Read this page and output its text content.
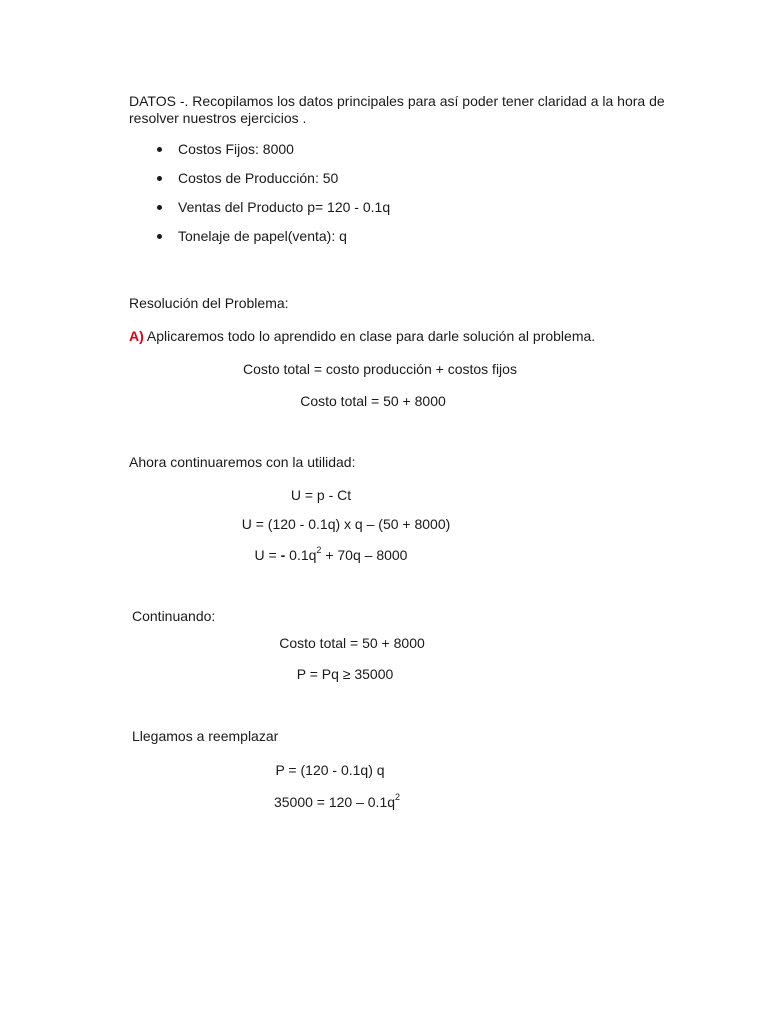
DATOS -. Recopilamos los datos principales para así poder tener claridad a la hora de resolver nuestros ejercicios .
Costos Fijos: 8000
Costos de Producción: 50
Ventas del Producto p= 120 - 0.1q
Tonelaje de papel(venta): q
Resolución del Problema:
A) Aplicaremos todo lo aprendido en clase para darle solución al problema.
Costo total = costo producción + costos fijos
Costo total = 50 + 8000
Ahora continuaremos con la utilidad:
U = p - Ct
U = (120 - 0.1q) x q – (50 + 8000)
U = - $0.1q^2 + 70q - 8000$
Continuando:
Costo total = 50 + 8000
P = Pq ≥ 35000
Llegamos a reemplazar
P = (120 - 0.1q) q
$35000 = 120 - 0.1q^2$
